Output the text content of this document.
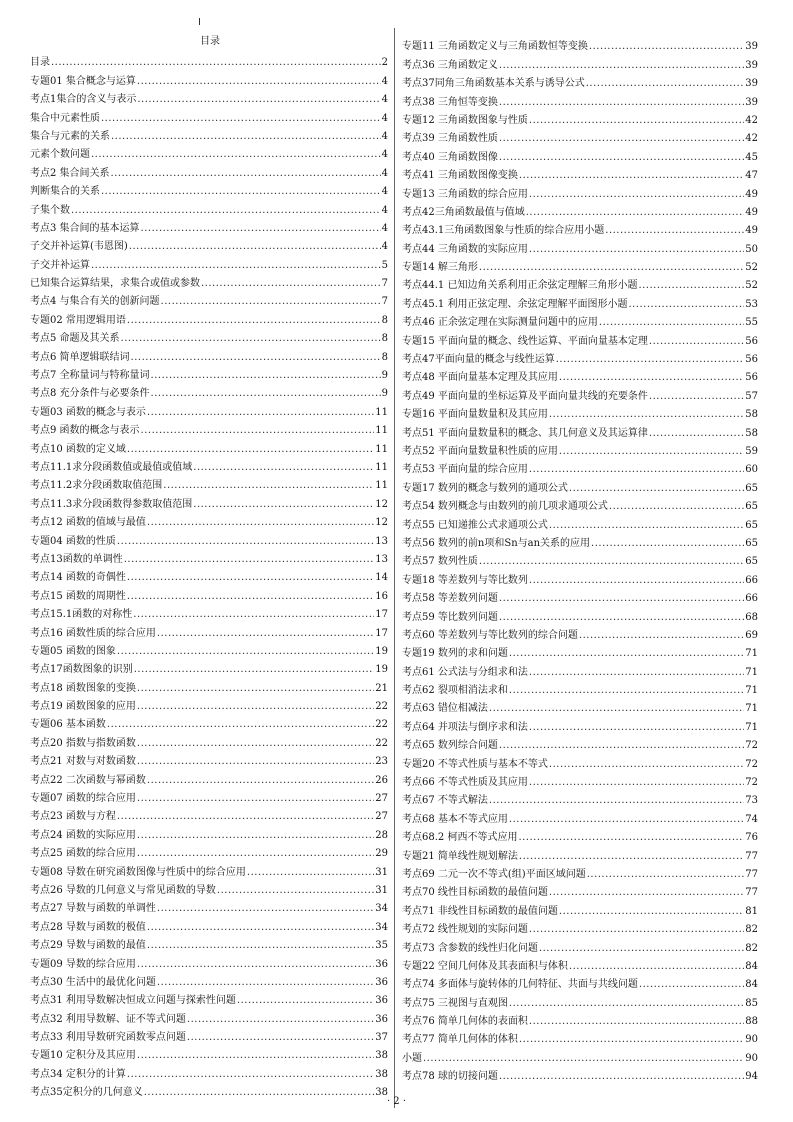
目录
目录 .....	2
专题01 集合概念与运算 .....	4
考点1集合的含义与表示 .....	4
集合中元素性质 .....	4
集合与元素的关系 .....	4
元素个数问题 .....	4
考点2 集合间关系 .....	4
判断集合的关系 .....	4
子集个数 .....	4
考点3 集合间的基本运算 .....	4
子交并补运算(韦恩图) .....	4
子交并补运算 .....	5
已知集合运算结果，求集合或值或参数 .....	7
考点4 与集合有关的创新问题 .....	7
专题02 常用逻辑用语 .....	8
考点5 命题及其关系 .....	8
考点6 简单逻辑联结词 .....	8
考点7 全称量词与特称量词 .....	9
考点8 充分条件与必要条件 .....	9
专题03 函数的概念与表示 .....	11
考点9 函数的概念与表示 .....	11
考点10 函数的定义域 .....	11
考点11.1求分段函数值或最值或值域 .....	11
考点11.2求分段函数取值范围 .....	11
考点11.3求分段函数得参数取值范围 .....	12
考点12 函数的值域与最值 .....	12
专题04 函数的性质 .....	13
考点13函数的单调性 .....	13
考点14 函数的奇偶性 .....	14
考点15 函数的周期性 .....	16
考点15.1函数的对称性 .....	17
考点16 函数性质的综合应用 .....	17
专题05 函数的图象 .....	19
考点17函数图象的识别 .....	19
考点18 函数图象的变换 .....	21
考点19 函数图象的应用 .....	22
专题06 基本函数 .....	22
考点20 指数与指数函数 .....	22
考点21 对数与对数函数 .....	23
考点22 二次函数与幂函数 .....	26
专题07 函数的综合应用 .....	27
考点23 函数与方程 .....	27
考点24 函数的实际应用 .....	28
考点25 函数的综合应用 .....	29
专题08 导数在研究函数图像与性质中的综合应用 .....	31
考点26 导数的几何意义与常见函数的导数 .....	31
考点27 导数与函数的单调性 .....	34
考点28 导数与函数的极值 .....	34
考点29 导数与函数的最值 .....	35
专题09 导数的综合应用 .....	36
考点30 生活中的最优化问题 .....	36
考点31 利用导数解决恒成立问题与探索性问题 .....	36
考点32 利用导数解、证不等式问题 .....	36
考点33 利用导数研究函数零点问题 .....	37
专题10 定积分及其应用 .....	38
考点34 定积分的计算 .....	38
考点35定积分的几何意义 .....	38
专题11 三角函数定义与三角函数恒等变换 .....	39
考点36 三角函数定义 .....	39
考点37同角三角函数基本关系与诱导公式 .....	39
考点38 三角恒等变换 .....	39
专题12 三角函数图象与性质 .....	42
考点39 三角函数性质 .....	42
考点40 三角函数图像 .....	45
考点41 三角函数图像变换 .....	47
专题13 三角函数的综合应用 .....	49
考点42三角函数最值与值域 .....	49
考点43.1三角函数图象与性质的综合应用小题 .....	49
考点44 三角函数的实际应用 .....	50
专题14 解三角形 .....	52
考点44.1 已知边角关系利用正余弦定理解三角形小题 .....	52
考点45.1 利用正弦定理、余弦定理解平面图形小题 .....	53
考点46 正余弦定理在实际测量问题中的应用 .....	55
专题15 平面向量的概念、线性运算、平面向量基本定理 .....	56
考点47平面向量的概念与线性运算 .....	56
考点48 平面向量基本定理及其应用 .....	56
考点49 平面向量的坐标运算及平面向量共线的充要条件 .....	57
专题16 平面向量数量积及其应用 .....	58
考点51 平面向量数量积的概念、其几何意义及其运算律 .....	58
考点52 平面向量数量积性质的应用 .....	59
考点53 平面向量的综合应用 .....	60
专题17 数列的概念与数列的通项公式 .....	65
考点54 数列概念与由数列的前几项求通项公式 .....	65
考点55 已知递推公式求通项公式 .....	65
考点56 数列的前n项和Sn与an关系的应用 .....	65
考点57 数列性质 .....	65
专题18 等差数列与等比数列 .....	66
考点58 等差数列问题 .....	66
考点59 等比数列问题 .....	68
考点60 等差数列与等比数列的综合问题 .....	69
专题19 数列的求和问题 .....	71
考点61 公式法与分组求和法 .....	71
考点62 裂项相消法求和 .....	71
考点63 错位相减法 .....	71
考点64 并项法与倒序求和法 .....	71
考点65 数列综合问题 .....	72
专题20 不等式性质与基本不等式 .....	72
考点66 不等式性质及其应用 .....	72
考点67 不等式解法 .....	73
考点68 基本不等式应用 .....	74
考点68.2 柯西不等式应用 .....	76
专题21 简单线性规划解法 .....	77
考点69 二元一次不等式(组)平面区域问题 .....	77
考点70 线性目标函数的最值问题 .....	77
考点71 非线性目标函数的最值问题 .....	81
考点72 线性规划的实际问题 .....	82
考点73 含参数的线性归化问题 .....	82
专题22 空间几何体及其表面积与体积 .....	84
考点74 多面体与旋转体的几何特征、共面与共线问题 .....	84
考点75 三视图与直观图 .....	85
考点76 简单几何体的表面积 .....	88
考点77 简单几何体的体积 .....	90
小题 .....	90
考点78 球的切接问题 .....	94
· 2 ·
